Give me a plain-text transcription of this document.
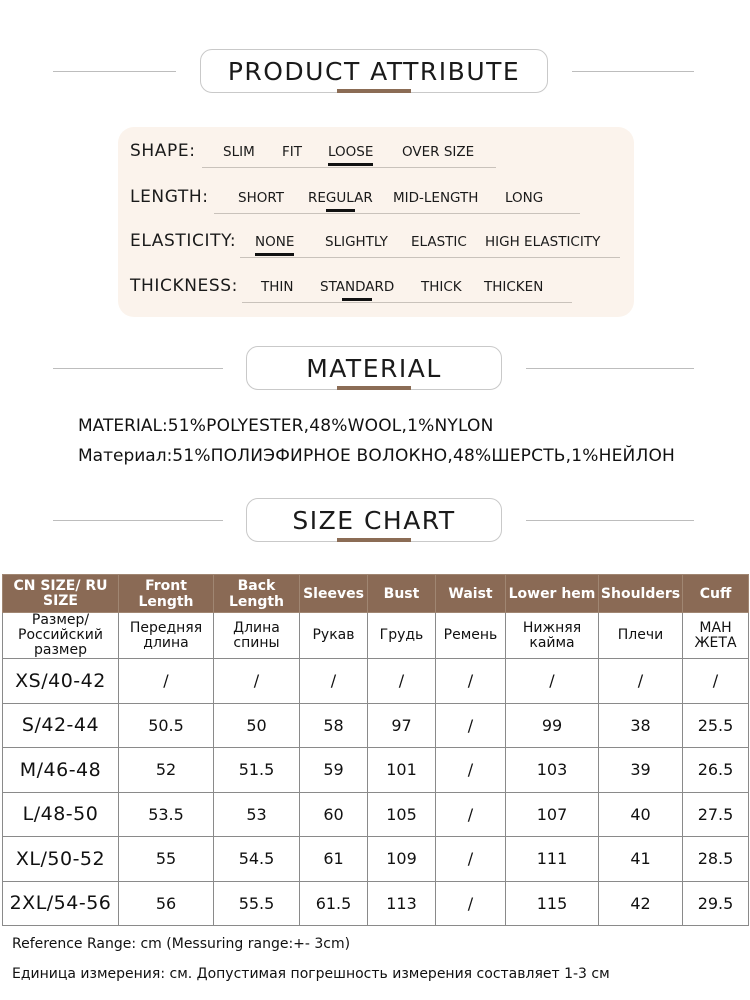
PRODUCT ATTRIBUTE
SHAPE: SLIM FIT LOOSE OVER SIZE
LENGTH: SHORT REGULAR MID-LENGTH LONG
ELASTICITY: NONE SLIGHTLY ELASTIC HIGH ELASTICITY
THICKNESS: THIN STANDARD THICK THICKEN
MATERIAL
MATERIAL:51%POLYESTER,48%WOOL,1%NYLON
Материал:51%ПОЛИЭФИРНОЕ ВОЛОКНО,48%ШЕРСТЬ,1%НЕЙЛОН
SIZE CHART
CN SIZE/ RU SIZE	Front Length	Back Length	Sleeves	Bust	Waist	Lower hem	Shoulders	Cuff

Размер/ Российский размер	Передняя длина	Длина спины	Рукав	Грудь	Ремень	Нижняя кайма	Плечи	МАН ЖЕТА

XS/40-42	/	/	/	/	/	/	/	/
S/42-44	50.5	50	58	97	/	99	38	25.5
M/46-48	52	51.5	59	101	/	103	39	26.5
L/48-50	53.5	53	60	105	/	107	40	27.5
XL/50-52	55	54.5	61	109	/	111	41	28.5
2XL/54-56	56	55.5	61.5	113	/	115	42	29.5
Reference Range: cm (Messuring range:+- 3cm)
Единица измерения: см. Допустимая погрешность измерения составляет 1-3 см
